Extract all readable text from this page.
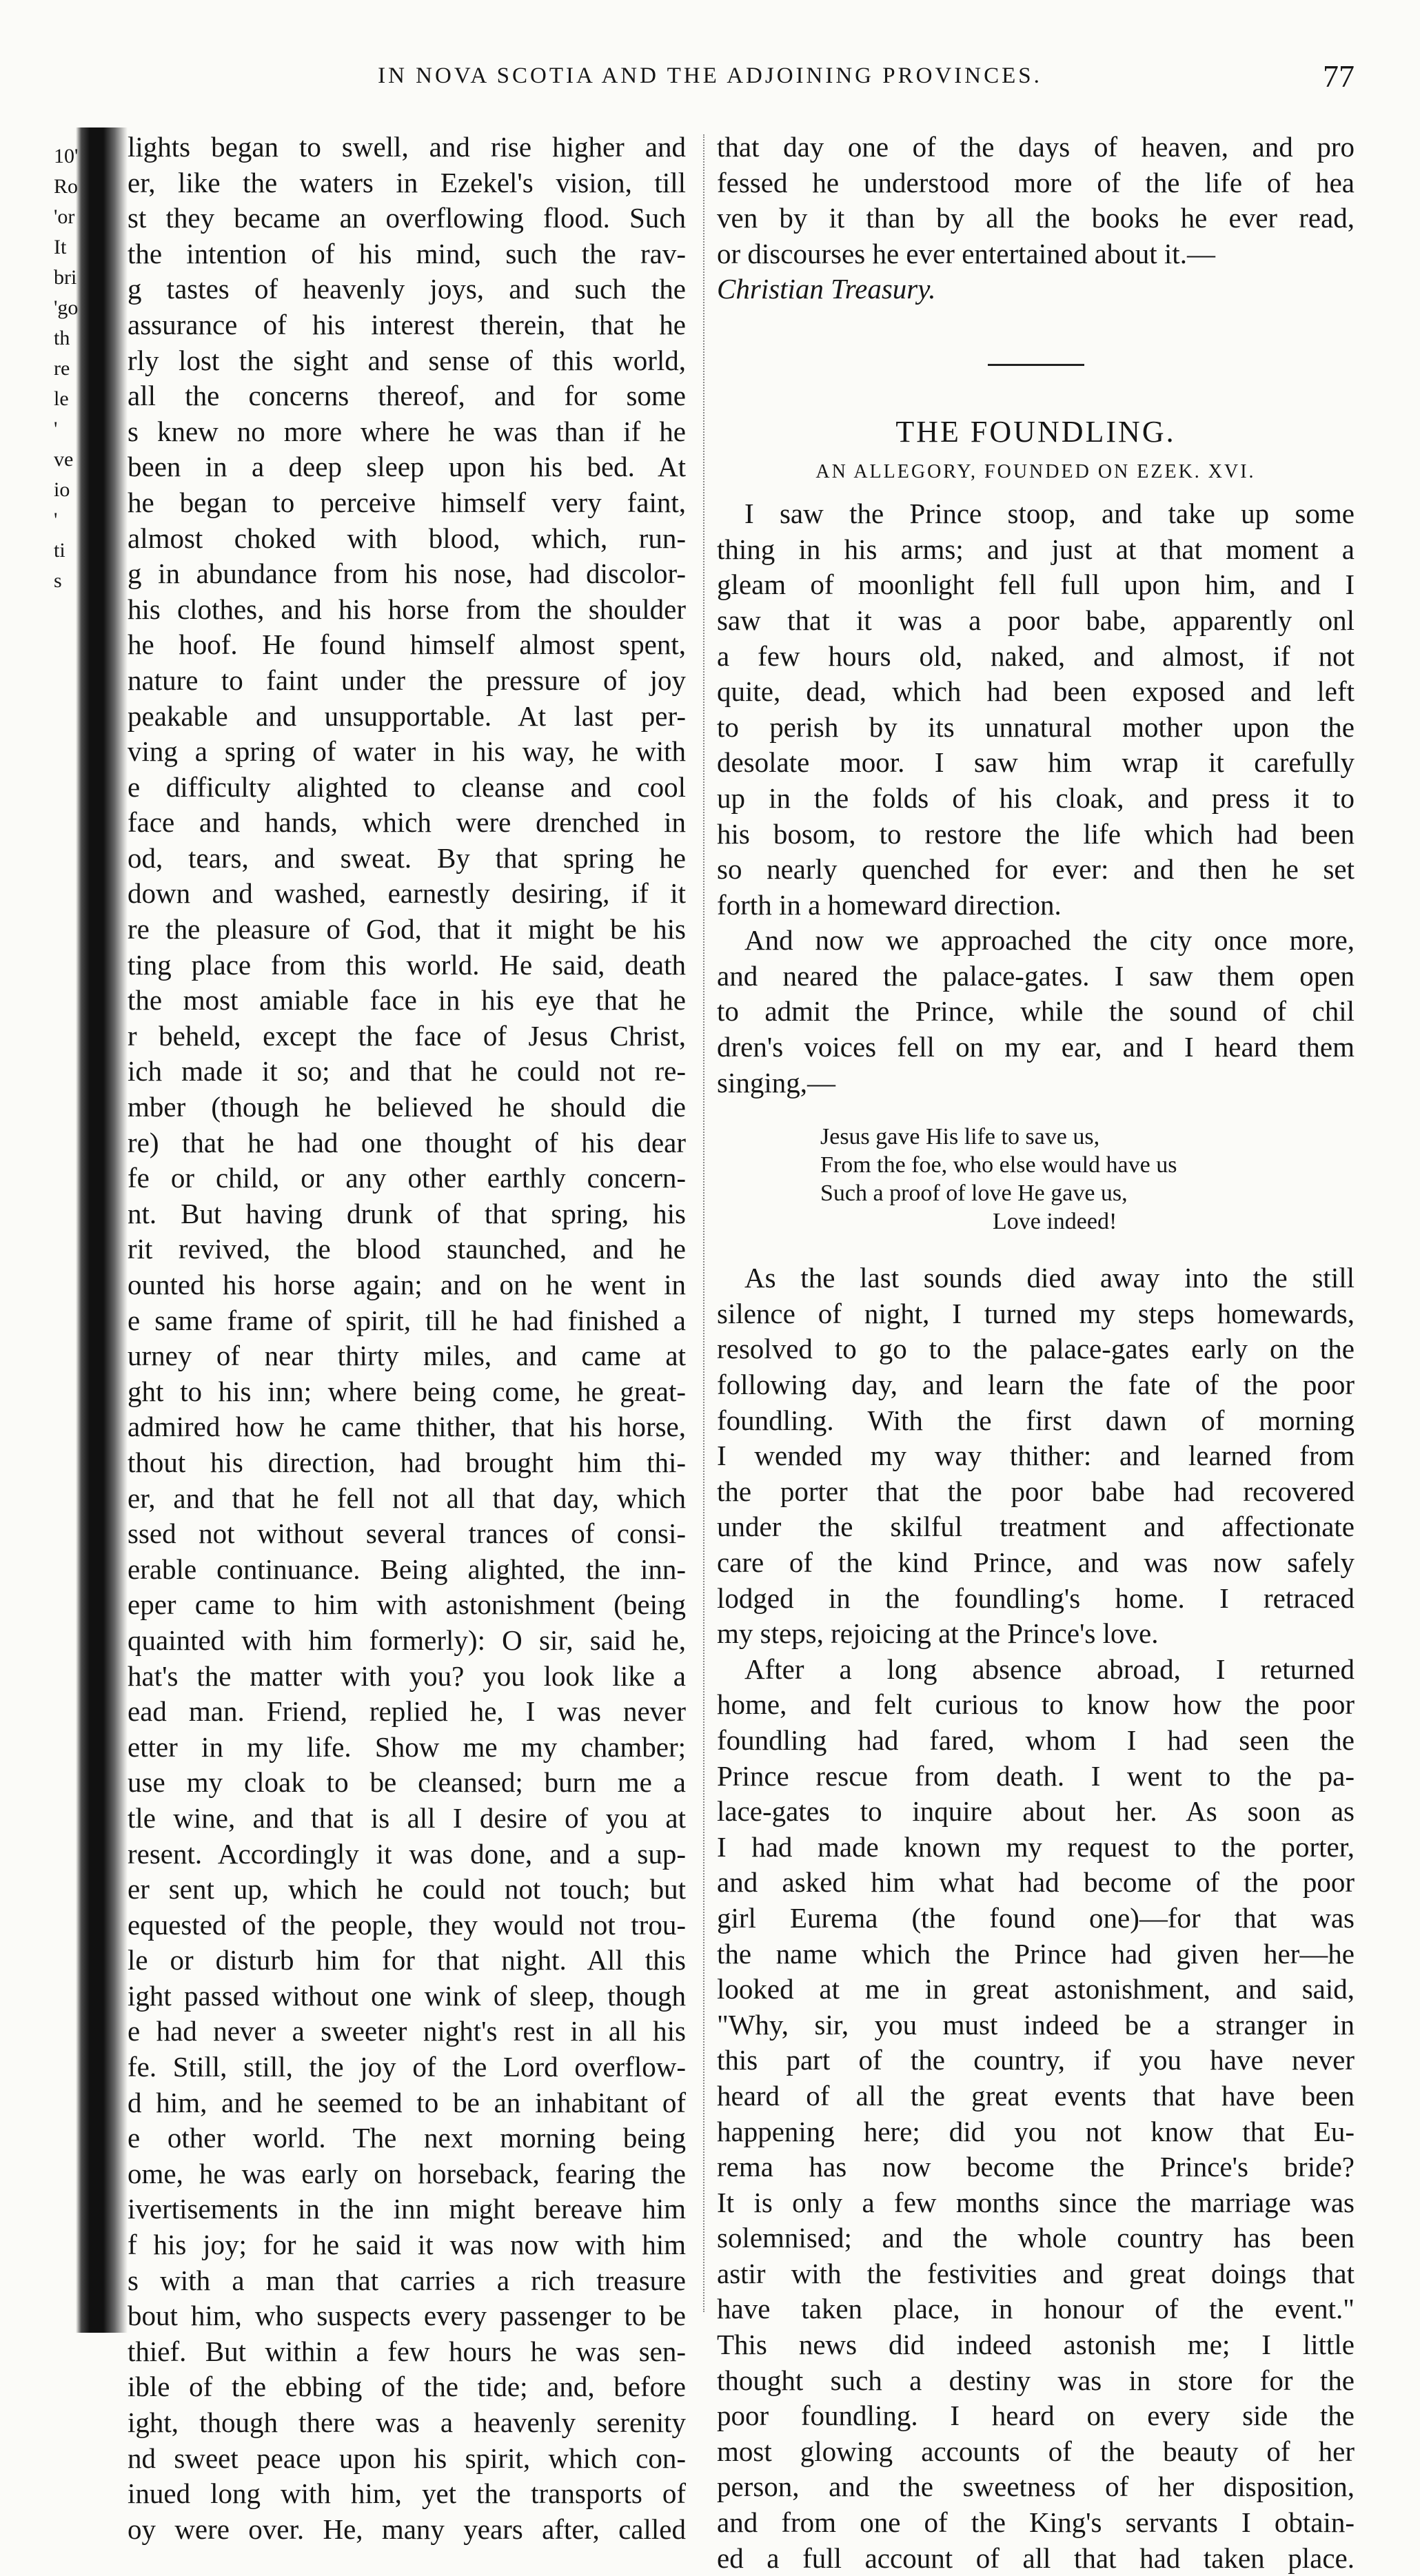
IN NOVA SCOTIA AND THE ADJOINING PROVINCES.	77
10'
Ro
'or
It
bri
'go
th
re
le
'
ve
io
'
ti
s
lights began to swell, and rise higher and
er, like the waters in Ezekel's vision, till
st they became an overflowing flood. Such
the intention of his mind, such the rav-
g tastes of heavenly joys, and such the
assurance of his interest therein, that he
rly lost the sight and sense of this world,
all the concerns thereof, and for some
s knew no more where he was than if he
been in a deep sleep upon his bed. At
he began to perceive himself very faint,
almost choked with blood, which, run-
g in abundance from his nose, had discolor-
his clothes, and his horse from the shoulder
he hoof. He found himself almost spent,
nature to faint under the pressure of joy
peakable and unsupportable. At last per-
ving a spring of water in his way, he with
e difficulty alighted to cleanse and cool
face and hands, which were drenched in
od, tears, and sweat. By that spring he
down and washed, earnestly desiring, if it
re the pleasure of God, that it might be his
ting place from this world. He said, death
the most amiable face in his eye that he
r beheld, except the face of Jesus Christ,
ich made it so; and that he could not re-
mber (though he believed he should die
re) that he had one thought of his dear
fe or child, or any other earthly concern-
nt. But having drunk of that spring, his
rit revived, the blood staunched, and he
ounted his horse again; and on he went in
e same frame of spirit, till he had finished a
urney of near thirty miles, and came at
ght to his inn; where being come, he great-
admired how he came thither, that his horse,
thout his direction, had brought him thi-
er, and that he fell not all that day, which
ssed not without several trances of consi-
erable continuance. Being alighted, the inn-
eper came to him with astonishment (being
quainted with him formerly): O sir, said he,
hat's the matter with you? you look like a
ead man. Friend, replied he, I was never
etter in my life. Show me my chamber;
use my cloak to be cleansed; burn me a
tle wine, and that is all I desire of you at
resent. Accordingly it was done, and a sup-
er sent up, which he could not touch; but
equested of the people, they would not trou-
le or disturb him for that night. All this
ight passed without one wink of sleep, though
e had never a sweeter night's rest in all his
fe. Still, still, the joy of the Lord overflow-
d him, and he seemed to be an inhabitant of
e other world. The next morning being
ome, he was early on horseback, fearing the
ivertisements in the inn might bereave him
f his joy; for he said it was now with him
s with a man that carries a rich treasure
bout him, who suspects every passenger to be
thief. But within a few hours he was sen-
ible of the ebbing of the tide; and, before
ight, though there was a heavenly serenity
nd sweet peace upon his spirit, which con-
inued long with him, yet the transports of
oy were over. He, many years after, called
that day one of the days of heaven, and pro
fessed he understood more of the life of hea
ven by it than by all the books he ever read,
or discourses he ever entertained about it.—
Christian Treasury.
THE FOUNDLING.
AN ALLEGORY, FOUNDED ON EZEK. XVI.
I saw the Prince stoop, and take up some
thing in his arms; and just at that moment a
gleam of moonlight fell full upon him, and I
saw that it was a poor babe, apparently onl
a few hours old, naked, and almost, if not
quite, dead, which had been exposed and left
to perish by its unnatural mother upon the
desolate moor. I saw him wrap it carefully
up in the folds of his cloak, and press it to
his bosom, to restore the life which had been
so nearly quenched for ever: and then he set
forth in a homeward direction.
And now we approached the city once more,
and neared the palace-gates. I saw them open
to admit the Prince, while the sound of chil
dren's voices fell on my ear, and I heard them
singing,—
Jesus gave His life to save us,
From the foe, who else would have us
Such a proof of love He gave us,
Love indeed!
As the last sounds died away into the still
silence of night, I turned my steps homewards,
resolved to go to the palace-gates early on the
following day, and learn the fate of the poor
foundling. With the first dawn of morning
I wended my way thither: and learned from
the porter that the poor babe had recovered
under the skilful treatment and affectionate
care of the kind Prince, and was now safely
lodged in the foundling's home. I retraced
my steps, rejoicing at the Prince's love.
After a long absence abroad, I returned
home, and felt curious to know how the poor
foundling had fared, whom I had seen the
Prince rescue from death. I went to the pa-
lace-gates to inquire about her. As soon as
I had made known my request to the porter,
and asked him what had become of the poor
girl Eurema (the found one)—for that was
the name which the Prince had given her—he
looked at me in great astonishment, and said,
"Why, sir, you must indeed be a stranger in
this part of the country, if you have never
heard of all the great events that have been
happening here; did you not know that Eu-
rema has now become the Prince's bride?
It is only a few months since the marriage was
solemnised; and the whole country has been
astir with the festivities and great doings that
have taken place, in honour of the event."
This news did indeed astonish me; I little
thought such a destiny was in store for the
poor foundling. I heard on every side the
most glowing accounts of the beauty of her
person, and the sweetness of her disposition,
and from one of the King's servants I obtain-
ed a full account of all that had taken place.
